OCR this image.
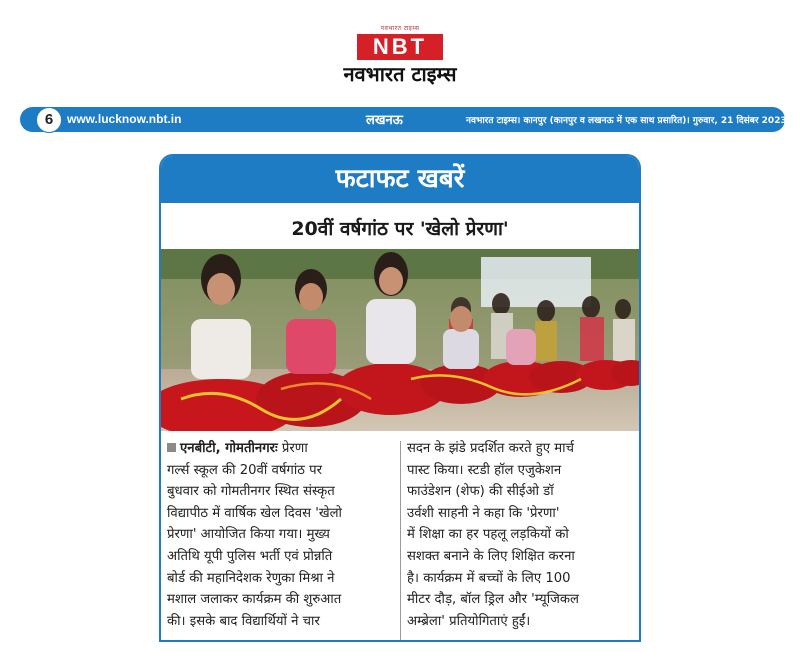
नवभारत टाइम्स
NBT
नवभारत टाइम्स
6	www.lucknow.nbt.in	लखनऊ	नवभारत टाइम्स। कानपुर (कानपुर व लखनऊ में एक साथ प्रसारित)। गुरुवार, 21 दिसंबर 2023
फटाफट खबरें
20वीं वर्षगांठ पर 'खेलो प्रेरणा'
एनबीटी, गोमतीनगरः प्रेरणा
गर्ल्स स्कूल की 20वीं वर्षगांठ पर
बुधवार को गोमतीनगर स्थित संस्कृत
विद्यापीठ में वार्षिक खेल दिवस 'खेलो
प्रेरणा' आयोजित किया गया। मुख्य
अतिथि यूपी पुलिस भर्ती एवं प्रोन्नति
बोर्ड की महानिदेशक रेणुका मिश्रा ने
मशाल जलाकर कार्यक्रम की शुरुआत
की। इसके बाद विद्यार्थियों ने चार
सदन के झंडे प्रदर्शित करते हुए मार्च
पास्ट किया। स्टडी हॉल एजुकेशन
फाउंडेशन (शेफ) की सीईओ डॉ
उर्वशी साहनी ने कहा कि 'प्रेरणा'
में शिक्षा का हर पहलू लड़कियों को
सशक्त बनाने के लिए शिक्षित करना
है। कार्यक्रम में बच्चों के लिए 100
मीटर दौड़, बॉल ड्रिल और 'म्यूजिकल
अम्ब्रेला' प्रतियोगिताएं हुईं।
